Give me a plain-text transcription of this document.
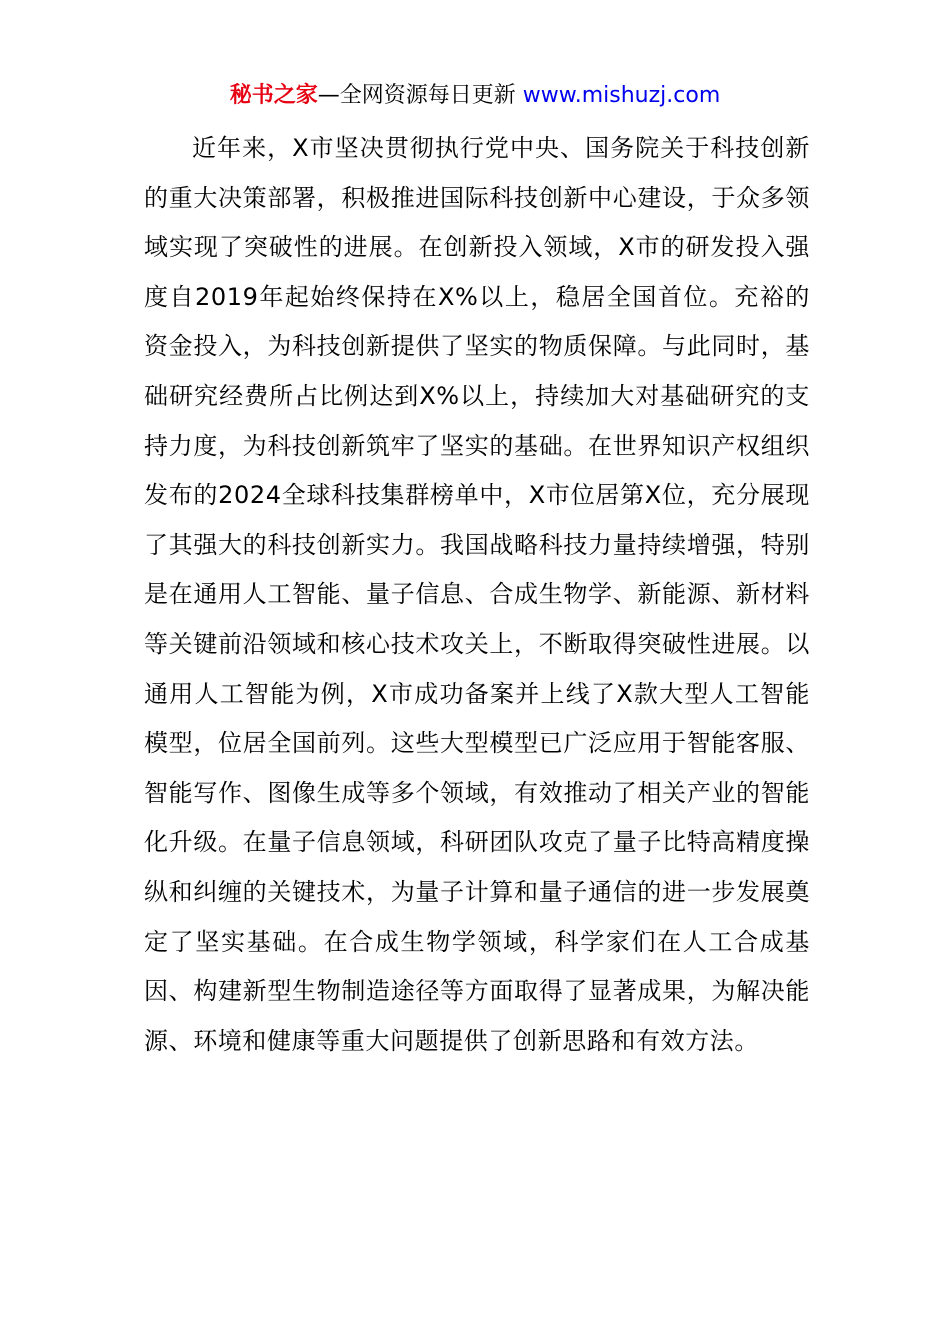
秘书之家—全网资源每日更新 www.mishuzj.com

近年来，X市坚决贯彻执行党中央、国务院关于科技创新的重大决策部署，积极推进国际科技创新中心建设，于众多领域实现了突破性的进展。在创新投入领域，X市的研发投入强度自2019年起始终保持在X%以上，稳居全国首位。充裕的资金投入，为科技创新提供了坚实的物质保障。与此同时，基础研究经费所占比例达到X%以上，持续加大对基础研究的支持力度，为科技创新筑牢了坚实的基础。在世界知识产权组织发布的2024全球科技集群榜单中，X市位居第X位，充分展现了其强大的科技创新实力。我国战略科技力量持续增强，特别是在通用人工智能、量子信息、合成生物学、新能源、新材料等关键前沿领域和核心技术攻关上，不断取得突破性进展。以通用人工智能为例，X市成功备案并上线了X款大型人工智能模型，位居全国前列。这些大型模型已广泛应用于智能客服、智能写作、图像生成等多个领域，有效推动了相关产业的智能化升级。在量子信息领域，科研团队攻克了量子比特高精度操纵和纠缠的关键技术，为量子计算和量子通信的进一步发展奠定了坚实基础。在合成生物学领域，科学家们在人工合成基因、构建新型生物制造途径等方面取得了显著成果，为解决能源、环境和健康等重大问题提供了创新思路和有效方法。
